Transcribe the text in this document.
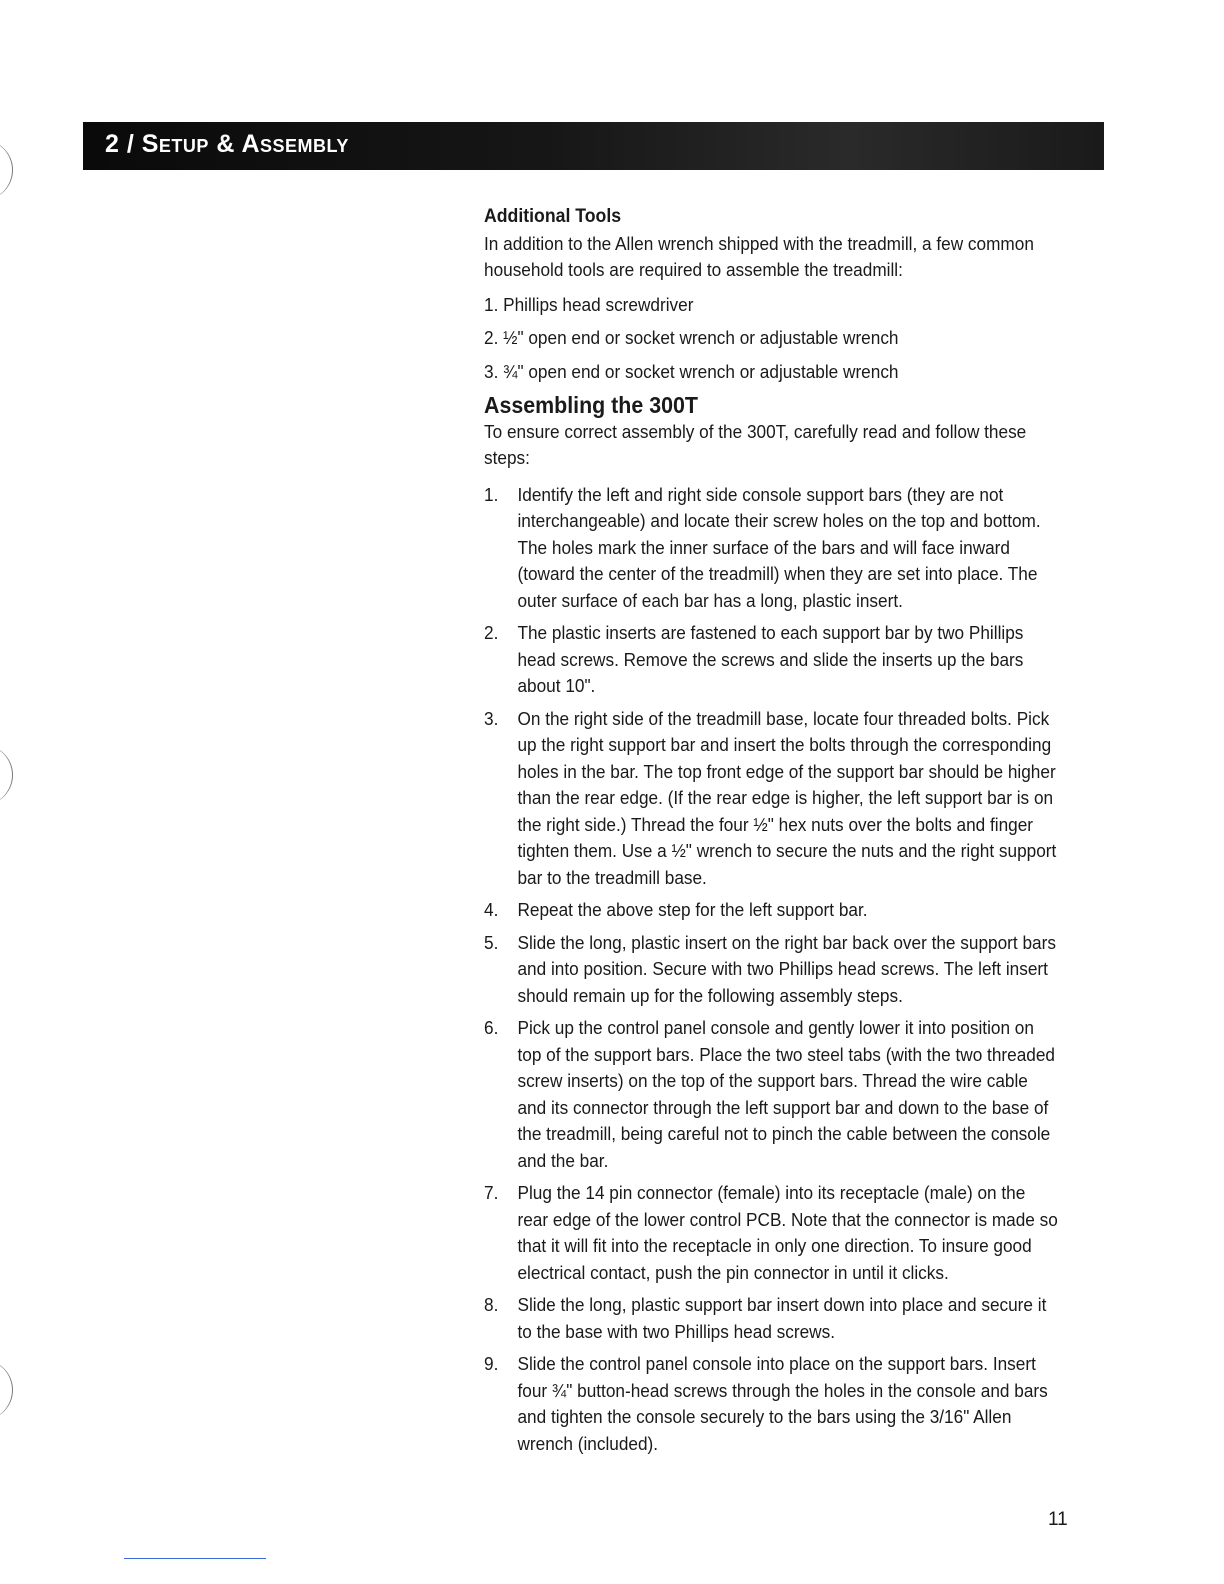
2 / Setup & Assembly

Additional Tools

In addition to the Allen wrench shipped with the treadmill, a few common household tools are required to assemble the treadmill:

1. Phillips head screwdriver
2. ½" open end or socket wrench or adjustable wrench
3. ¾" open end or socket wrench or adjustable wrench

Assembling the 300T

To ensure correct assembly of the 300T, carefully read and follow these steps:

1.	Identify the left and right side console support bars (they are not interchangeable) and locate their screw holes on the top and bottom. The holes mark the inner surface of the bars and will face inward (toward the center of the treadmill) when they are set into place. The outer surface of each bar has a long, plastic insert.
2.	The plastic inserts are fastened to each support bar by two Phillips head screws. Remove the screws and slide the inserts up the bars about 10".
3.	On the right side of the treadmill base, locate four threaded bolts. Pick up the right support bar and insert the bolts through the corresponding holes in the bar. The top front edge of the support bar should be higher than the rear edge. (If the rear edge is higher, the left support bar is on the right side.) Thread the four ½" hex nuts over the bolts and finger tighten them. Use a ½" wrench to secure the nuts and the right support bar to the treadmill base.
4.	Repeat the above step for the left support bar.
5.	Slide the long, plastic insert on the right bar back over the support bars and into position. Secure with two Phillips head screws. The left insert should remain up for the following assembly steps.
6.	Pick up the control panel console and gently lower it into position on top of the support bars. Place the two steel tabs (with the two threaded screw inserts) on the top of the support bars. Thread the wire cable and its connector through the left support bar and down to the base of the treadmill, being careful not to pinch the cable between the console and the bar.
7.	Plug the 14 pin connector (female) into its receptacle (male) on the rear edge of the lower control PCB. Note that the connector is made so that it will fit into the receptacle in only one direction. To insure good electrical contact, push the pin connector in until it clicks.
8.	Slide the long, plastic support bar insert down into place and secure it to the base with two Phillips head screws.
9.	Slide the control panel console into place on the support bars. Insert four ¾" button-head screws through the holes in the console and bars and tighten the console securely to the bars using the 3/16" Allen wrench (included).
11
